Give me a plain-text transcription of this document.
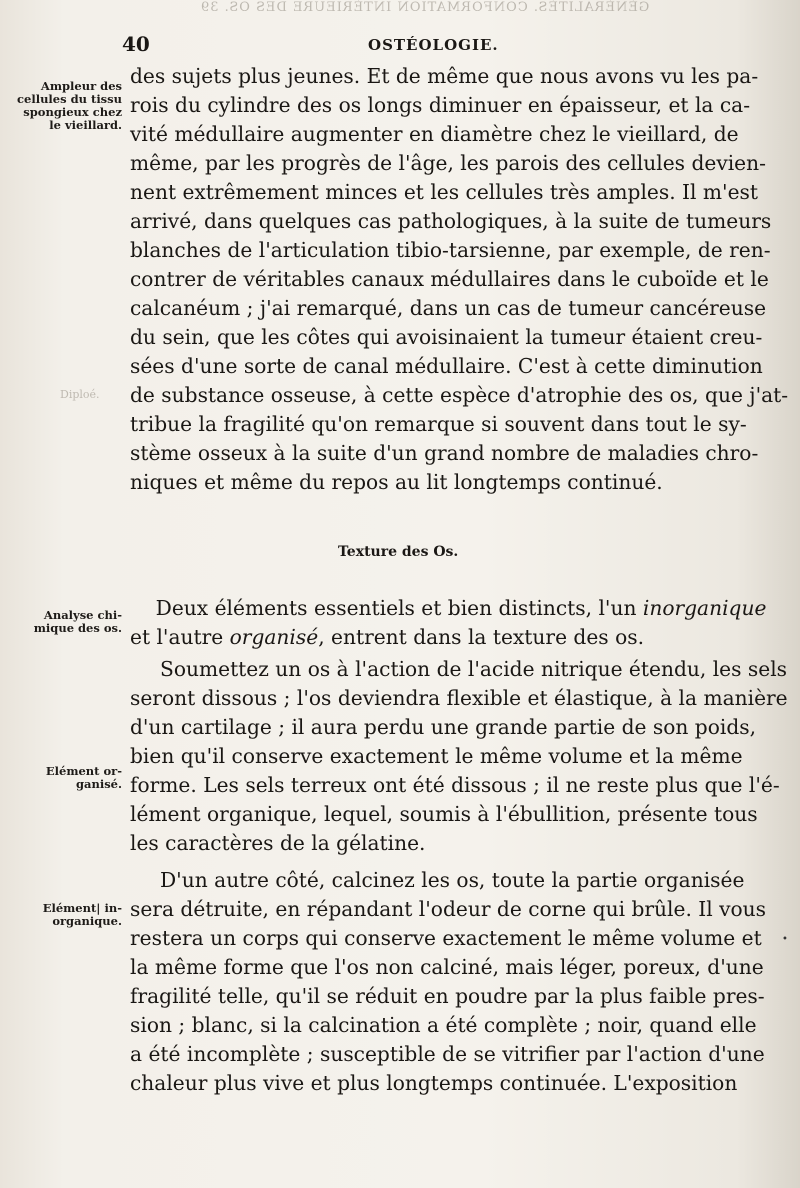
GÉNÉRALITÉS. CONFORMATION INTÉRIEURE DES OS. 39
40	OSTÉOLOGIE.
Ampleur des
cellules du tissu
spongieux chez
le vieillard.
Diploé.
Analyse chi-
mique des os.
Elément or-
ganisé.
Elément| in-
organique.
des sujets plus jeunes. Et de même que nous avons vu les pa-
rois du cylindre des os longs diminuer en épaisseur, et la ca-
vité médullaire augmenter en diamètre chez le vieillard, de
même, par les progrès de l'âge, les parois des cellules devien-
nent extrêmement minces et les cellules très amples. Il m'est
arrivé, dans quelques cas pathologiques, à la suite de tumeurs
blanches de l'articulation tibio-tarsienne, par exemple, de ren-
contrer de véritables canaux médullaires dans le cuboïde et le
calcanéum ; j'ai remarqué, dans un cas de tumeur cancéreuse
du sein, que les côtes qui avoisinaient la tumeur étaient creu-
sées d'une sorte de canal médullaire. C'est à cette diminution
de substance osseuse, à cette espèce d'atrophie des os, que j'at-
tribue la fragilité qu'on remarque si souvent dans tout le sy-
stème osseux à la suite d'un grand nombre de maladies chro-
niques et même du repos au lit longtemps continué.
Texture des Os.
Deux éléments essentiels et bien distincts, l'un inorganique
et l'autre organisé, entrent dans la texture des os.
Soumettez un os à l'action de l'acide nitrique étendu, les sels
seront dissous ; l'os deviendra flexible et élastique, à la manière
d'un cartilage ; il aura perdu une grande partie de son poids,
bien qu'il conserve exactement le même volume et la même
forme. Les sels terreux ont été dissous ; il ne reste plus que l'é-
lément organique, lequel, soumis à l'ébullition, présente tous
les caractères de la gélatine.
D'un autre côté, calcinez les os, toute la partie organisée
sera détruite, en répandant l'odeur de corne qui brûle. Il vous
restera un corps qui conserve exactement le même volume et
la même forme que l'os non calciné, mais léger, poreux, d'une
fragilité telle, qu'il se réduit en poudre par la plus faible pres-
sion ; blanc, si la calcination a été complète ; noir, quand elle
a été incomplète ; susceptible de se vitrifier par l'action d'une
chaleur plus vive et plus longtemps continuée. L'exposition
•
